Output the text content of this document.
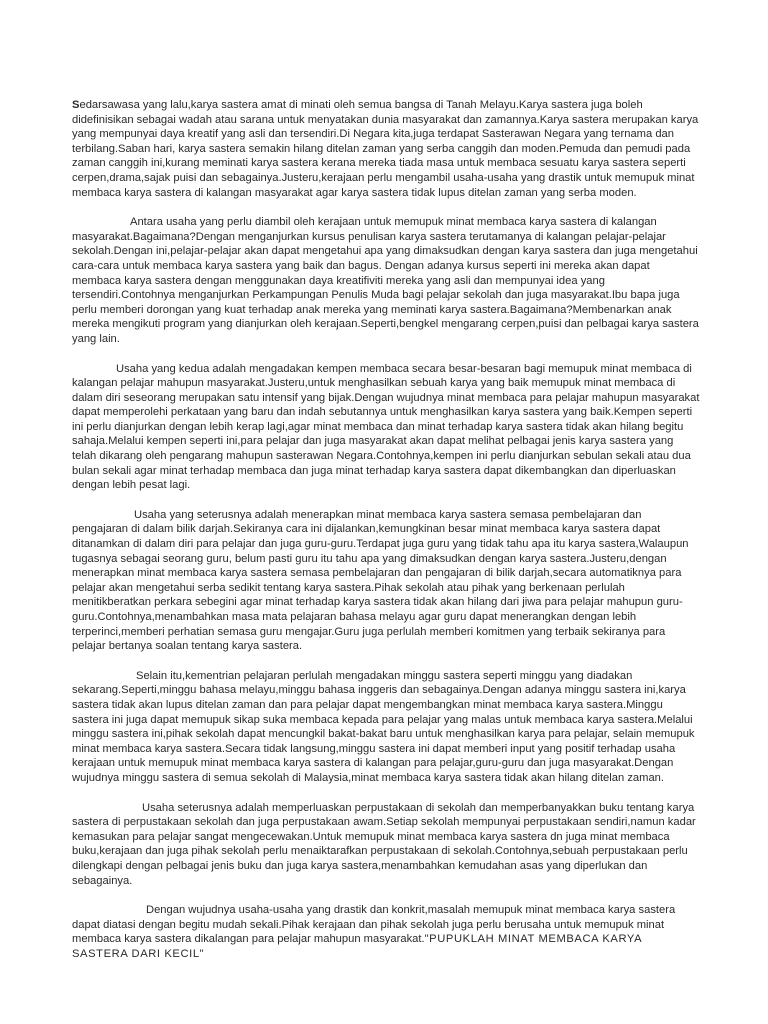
Sedarsawasa yang lalu,karya sastera amat di minati oleh semua bangsa di Tanah Melayu.Karya sastera juga boleh didefinisikan sebagai wadah atau sarana untuk menyatakan dunia masyarakat dan zamannya.Karya sastera merupakan karya yang mempunyai daya kreatif yang asli dan tersendiri.Di Negara kita,juga terdapat Sasterawan Negara yang ternama dan terbilang.Saban hari, karya sastera semakin hilang ditelan zaman yang serba canggih dan moden.Pemuda dan pemudi pada zaman canggih ini,kurang meminati karya sastera kerana mereka tiada masa untuk membaca sesuatu karya sastera seperti cerpen,drama,sajak puisi dan sebagainya.Justeru,kerajaan perlu mengambil usaha-usaha yang drastik untuk memupuk minat membaca karya sastera di kalangan masyarakat agar karya sastera tidak lupus ditelan zaman yang serba moden.

Antara usaha yang perlu diambil oleh kerajaan untuk memupuk minat membaca karya sastera di kalangan masyarakat.Bagaimana?Dengan menganjurkan kursus penulisan karya sastera terutamanya di kalangan pelajar-pelajar sekolah.Dengan ini,pelajar-pelajar akan dapat mengetahui apa yang dimaksudkan dengan karya sastera dan juga mengetahui cara-cara untuk membaca karya sastera yang baik dan bagus. Dengan adanya kursus seperti ini mereka akan dapat membaca karya sastera dengan menggunakan daya kreatifiviti mereka yang asli dan mempunyai idea yang tersendiri.Contohnya menganjurkan Perkampungan Penulis Muda bagi pelajar sekolah dan juga masyarakat.Ibu bapa juga perlu memberi dorongan yang kuat terhadap anak mereka yang meminati karya sastera.Bagaimana?Membenarkan anak mereka mengikuti program yang dianjurkan oleh kerajaan.Seperti,bengkel mengarang cerpen,puisi dan pelbagai karya sastera yang lain.

Usaha yang kedua adalah mengadakan kempen membaca secara besar-besaran bagi memupuk minat membaca di kalangan pelajar mahupun masyarakat.Justeru,untuk menghasilkan sebuah karya yang baik memupuk minat membaca di dalam diri seseorang merupakan satu intensif yang bijak.Dengan wujudnya minat membaca para pelajar mahupun masyarakat dapat memperolehi perkataan yang baru dan indah sebutannya untuk menghasilkan karya sastera yang baik.Kempen seperti ini perlu dianjurkan dengan lebih kerap lagi,agar minat membaca dan minat terhadap karya sastera tidak akan hilang begitu sahaja.Melalui kempen seperti ini,para pelajar dan juga masyarakat akan dapat melihat pelbagai jenis karya sastera yang telah dikarang oleh pengarang mahupun sasterawan Negara.Contohnya,kempen ini perlu dianjurkan sebulan sekali atau dua bulan sekali agar minat terhadap membaca dan juga minat terhadap karya sastera dapat dikembangkan dan diperluaskan dengan lebih pesat lagi.

Usaha yang seterusnya adalah menerapkan minat membaca karya sastera semasa pembelajaran dan pengajaran di dalam bilik darjah.Sekiranya cara ini dijalankan,kemungkinan besar minat membaca karya sastera dapat ditanamkan di dalam diri para pelajar dan juga guru-guru.Terdapat juga guru yang tidak tahu apa itu karya sastera,Walaupun tugasnya sebagai seorang guru, belum pasti guru itu tahu apa yang dimaksudkan dengan karya sastera.Justeru,dengan menerapkan minat membaca karya sastera semasa pembelajaran dan pengajaran di bilik darjah,secara automatiknya para pelajar akan mengetahui serba sedikit tentang karya sastera.Pihak sekolah atau pihak yang berkenaan perlulah menitikberatkan perkara sebegini agar minat terhadap karya sastera tidak akan hilang dari jiwa para pelajar mahupun guru-guru.Contohnya,menambahkan masa mata pelajaran bahasa melayu agar guru dapat menerangkan dengan lebih terperinci,memberi perhatian semasa guru mengajar.Guru juga perlulah memberi komitmen yang terbaik sekiranya para pelajar bertanya soalan tentang karya sastera.

Selain itu,kementrian pelajaran perlulah mengadakan minggu sastera seperti minggu yang diadakan sekarang.Seperti,minggu bahasa melayu,minggu bahasa inggeris dan sebagainya.Dengan adanya minggu sastera ini,karya sastera tidak akan lupus ditelan zaman dan para pelajar dapat mengembangkan minat membaca karya sastera.Minggu sastera ini juga dapat memupuk sikap suka membaca kepada para pelajar yang malas untuk membaca karya sastera.Melalui minggu sastera ini,pihak sekolah dapat mencungkil bakat-bakat baru untuk menghasilkan karya para pelajar, selain memupuk minat membaca karya sastera.Secara tidak langsung,minggu sastera ini dapat memberi input yang positif terhadap usaha kerajaan untuk memupuk minat membaca karya sastera di kalangan para pelajar,guru-guru dan juga masyarakat.Dengan wujudnya minggu sastera di semua sekolah di Malaysia,minat membaca karya sastera tidak akan hilang ditelan zaman.

Usaha seterusnya adalah memperluaskan perpustakaan di sekolah dan memperbanyakkan buku tentang karya sastera di perpustakaan sekolah dan juga perpustakaan awam.Setiap sekolah mempunyai perpustakaan sendiri,namun kadar kemasukan para pelajar sangat mengecewakan.Untuk memupuk minat membaca karya sastera dn juga minat membaca buku,kerajaan dan juga pihak sekolah perlu menaiktarafkan perpustakaan di sekolah.Contohnya,sebuah perpustakaan perlu dilengkapi dengan pelbagai jenis buku dan juga karya sastera,menambahkan kemudahan asas yang diperlukan dan sebagainya.

Dengan wujudnya usaha-usaha yang drastik dan konkrit,masalah memupuk minat membaca karya sastera dapat diatasi dengan begitu mudah sekali.Pihak kerajaan dan pihak sekolah juga perlu berusaha untuk memupuk minat membaca karya sastera dikalangan para pelajar mahupun masyarakat."PUPUKLAH MINAT MEMBACA KARYA SASTERA DARI KECIL"
